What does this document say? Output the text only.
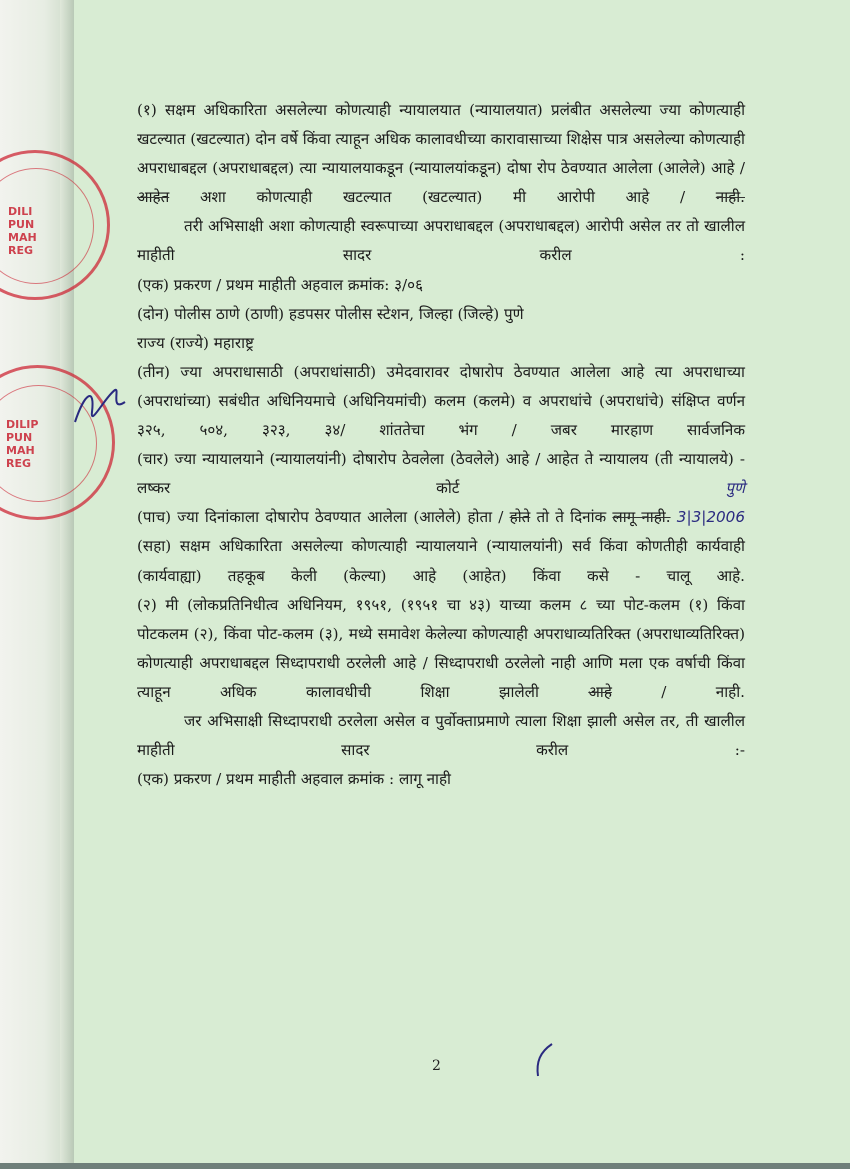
DILI
PUN
MAH
REG
DILIP
PUN
MAH
REG

(१) सक्षम अधिकारिता असलेल्या कोणत्याही न्यायालयात (न्यायालयात) प्रलंबीत असलेल्या ज्या कोणत्याही खटल्यात (खटल्यात) दोन वर्षे किंवा त्याहून अधिक कालावधीच्या कारावासाच्या शिक्षेस पात्र असलेल्या कोणत्याही अपराधाबद्दल (अपराधाबद्दल) त्या न्यायालयाकडून (न्यायालयांकडून) दोषा रोप ठेवण्यात आलेला (आलेले) आहे / आहेत अशा कोणत्याही खटल्यात (खटल्यात) मी आरोपी आहे / नाही.

तरी अभिसाक्षी अशा कोणत्याही स्वरूपाच्या अपराधाबद्दल (अपराधाबद्दल) आरोपी असेल तर तो खालील माहीती सादर करील :

(एक) प्रकरण / प्रथम माहीती अहवाल क्रमांक: ३/०६

(दोन) पोलीस ठाणे (ठाणी) हडपसर पोलीस स्टेशन, जिल्हा (जिल्हे) पुणे

राज्य (राज्ये) महाराष्ट्र

(तीन) ज्या अपराधासाठी (अपराधांसाठी) उमेदवारावर दोषारोप ठेवण्यात आलेला आहे त्या अपराधाच्या (अपराधांच्या) सबंधीत अधिनियमाचे (अधिनियमांची) कलम (कलमे) व अपराधांचे (अपराधांचे) संक्षिप्त वर्णन ३२५, ५०४, ३२३, ३४/ शांततेचा भंग / जबर मारहाण सार्वजनिक

(चार) ज्या न्यायालयाने (न्यायालयांनी) दोषारोप ठेवलेला (ठेवलेले) आहे / आहेत ते न्यायालय (ती न्यायालये) - लष्कर कोर्ट पुणे

(पाच) ज्या दिनांकाला दोषारोप ठेवण्यात आलेला (आलेले) होता / होते तो ते दिनांक लागू नाही. 3|3|2006

(सहा) सक्षम अधिकारिता असलेल्या कोणत्याही न्यायालयाने (न्यायालयांनी) सर्व किंवा कोणतीही कार्यवाही (कार्यवाह्या) तहकूब केली (केल्या) आहे (आहेत) किंवा कसे - चालू आहे.

(२) मी (लोकप्रतिनिधीत्व अधिनियम, १९५१, (१९५१ चा ४३) याच्या कलम ८ च्या पोट-कलम (१) किंवा पोटकलम (२), किंवा पोट-कलम (३), मध्ये समावेश केलेल्या कोणत्याही अपराधाव्यतिरिक्त (अपराधाव्यतिरिक्त) कोणत्याही अपराधाबद्दल सिध्दापराधी ठरलेली आहे / सिध्दापराधी ठरलेलो नाही आणि मला एक वर्षाची किंवा त्याहून अधिक कालावधीची शिक्षा झालेली आहे / नाही.

जर अभिसाक्षी सिध्दापराधी ठरलेला असेल व पुर्वोक्ताप्रमाणे त्याला शिक्षा झाली असेल तर, ती खालील माहीती सादर करील :-

(एक) प्रकरण / प्रथम माहीती अहवाल क्रमांक : लागू नाही

2
